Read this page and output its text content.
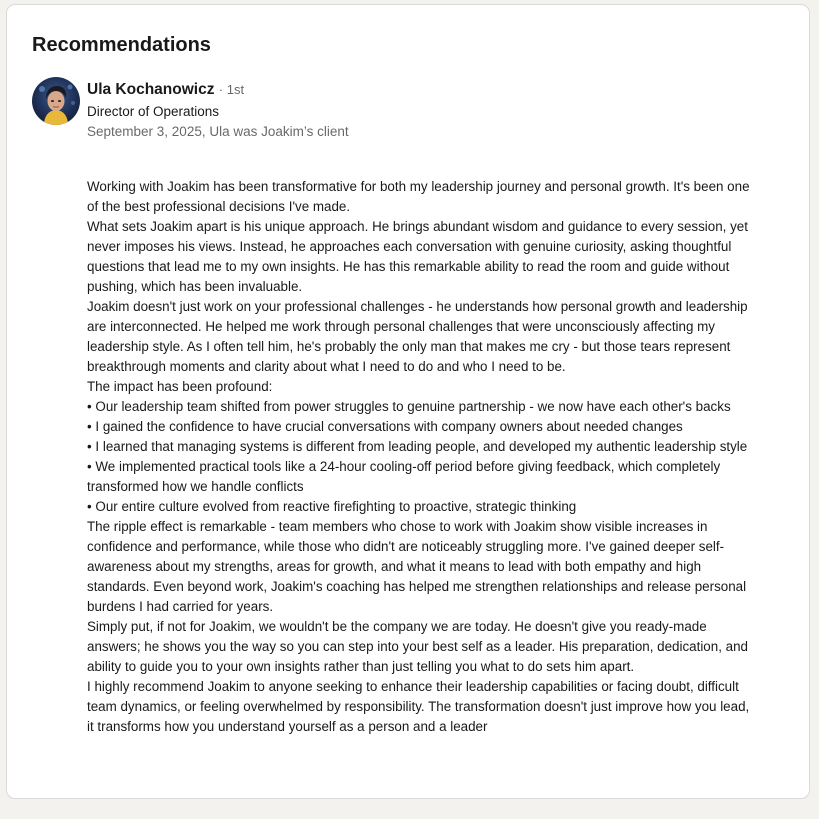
Recommendations
Ula Kochanowicz · 1st
Director of Operations
September 3, 2025, Ula was Joakim’s client

Working with Joakim has been transformative for both my leadership journey and personal growth. It's been one of the best professional decisions I've made.

What sets Joakim apart is his unique approach. He brings abundant wisdom and guidance to every session, yet never imposes his views. Instead, he approaches each conversation with genuine curiosity, asking thoughtful questions that lead me to my own insights. He has this remarkable ability to read the room and guide without pushing, which has been invaluable.

Joakim doesn't just work on your professional challenges - he understands how personal growth and leadership are interconnected. He helped me work through personal challenges that were unconsciously affecting my leadership style. As I often tell him, he's probably the only man that makes me cry - but those tears represent breakthrough moments and clarity about what I need to do and who I need to be.

The impact has been profound:

• Our leadership team shifted from power struggles to genuine partnership - we now have each other's backs

• I gained the confidence to have crucial conversations with company owners about needed changes

• I learned that managing systems is different from leading people, and developed my authentic leadership style

• We implemented practical tools like a 24-hour cooling-off period before giving feedback, which completely transformed how we handle conflicts

• Our entire culture evolved from reactive firefighting to proactive, strategic thinking

The ripple effect is remarkable - team members who chose to work with Joakim show visible increases in confidence and performance, while those who didn't are noticeably struggling more. I've gained deeper self-awareness about my strengths, areas for growth, and what it means to lead with both empathy and high standards. Even beyond work, Joakim's coaching has helped me strengthen relationships and release personal burdens I had carried for years.

Simply put, if not for Joakim, we wouldn't be the company we are today. He doesn't give you ready-made answers; he shows you the way so you can step into your best self as a leader. His preparation, dedication, and ability to guide you to your own insights rather than just telling you what to do sets him apart.

I highly recommend Joakim to anyone seeking to enhance their leadership capabilities or facing doubt, difficult team dynamics, or feeling overwhelmed by responsibility. The transformation doesn't just improve how you lead, it transforms how you understand yourself as a person and a leader
